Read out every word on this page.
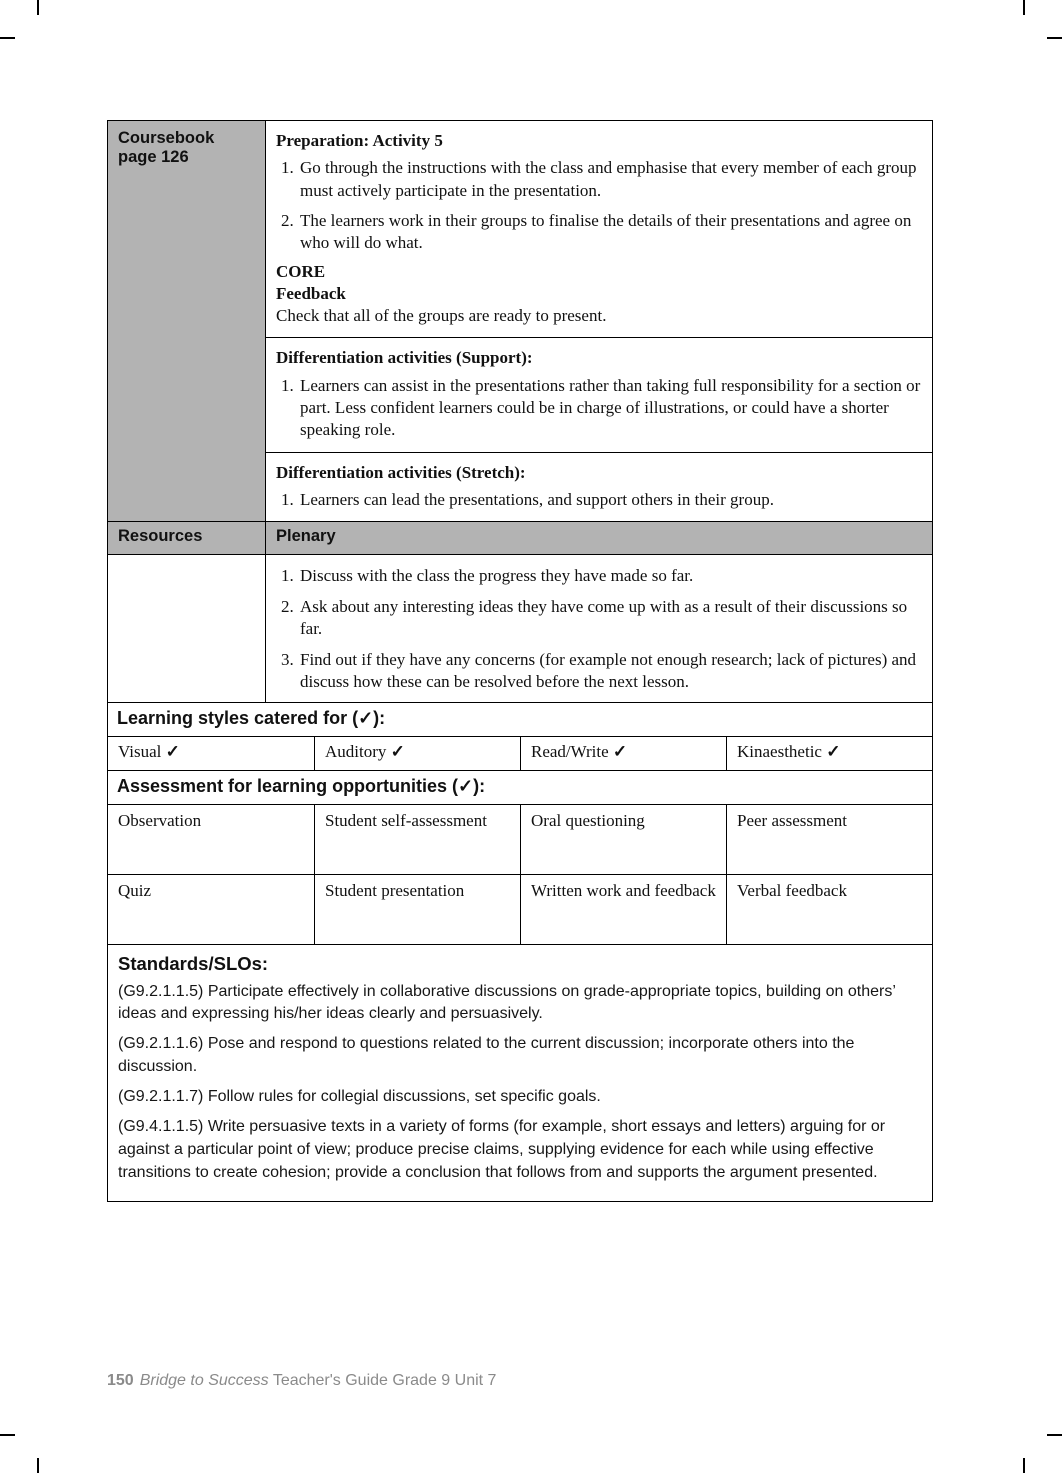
Coursebook
page 126

Preparation: Activity 5

1. Go through the instructions with the class and emphasise that every member of each group must actively participate in the presentation.
2. The learners work in their groups to finalise the details of their presentations and agree on who will do what.

CORE

Feedback

Check that all of the groups are ready to present.

Differentiation activities (Support):

1. Learners can assist in the presentations rather than taking full responsibility for a section or part. Less confident learners could be in charge of illustrations, or could have a shorter speaking role.

Differentiation activities (Stretch):

1. Learners can lead the presentations, and support others in their group.
Resources	Plenary
1. Discuss with the class the progress they have made so far.
2. Ask about any interesting ideas they have come up with as a result of their discussions so far.
3. Find out if they have any concerns (for example not enough research; lack of pictures) and discuss how these can be resolved before the next lesson.
Learning styles catered for (✓):
Visual ✓	Auditory ✓	Read/Write ✓	Kinaesthetic ✓
Assessment for learning opportunities (✓):
Observation	Student self-assessment	Oral questioning	Peer assessment
Quiz	Student presentation	Written work and feedback	Verbal feedback

Standards/SLOs:

(G9.2.1.1.5) Participate effectively in collaborative discussions on grade-appropriate topics, building on others’ ideas and expressing his/her ideas clearly and persuasively.

(G9.2.1.1.6) Pose and respond to questions related to the current discussion; incorporate others into the discussion.

(G9.2.1.1.7) Follow rules for collegial discussions, set specific goals.

(G9.4.1.1.5) Write persuasive texts in a variety of forms (for example, short essays and letters) arguing for or against a particular point of view; produce precise claims, supplying evidence for each while using effective transitions to create cohesion; provide a conclusion that follows from and supports the argument presented.

150 Bridge to Success Teacher's Guide Grade 9 Unit 7
